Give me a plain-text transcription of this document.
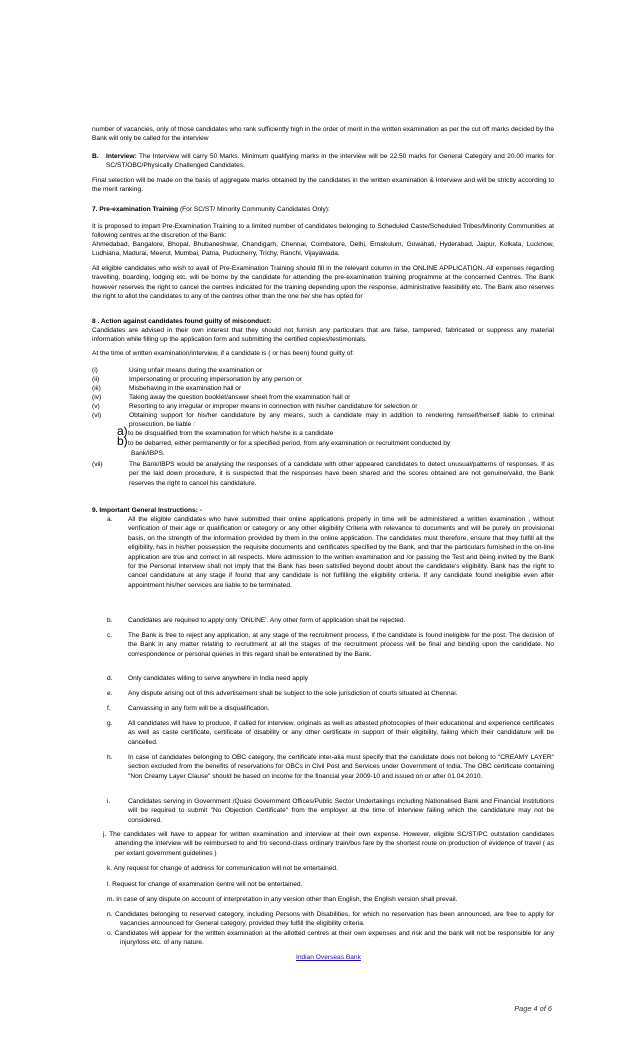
number of vacancies, only of those candidates who rank sufficiently high in the order of merit in the written examination as per the cut off marks decided by the Bank will only be called for the interview

B. Interview: The Interview will carry 50 Marks. Minimum qualifying marks in the interview will be 22.50 marks for General Category and 20.00 marks for SC/ST/OBC/Physically Challenged Candidates.

Final selection will be made on the basis of aggregate marks obtained by the candidates in the written examination & Interview and will be strictly according to the merit ranking.

7. Pre-examination Training (For SC/ST/ Minority Community Candidates Only):

It is proposed to impart Pre-Examination Training to a limited number of candidates belonging to Scheduled Caste/Scheduled Tribes/Minority Communities at following centres at the discretion of the Bank:

Ahmedabad, Bangalore, Bhopal, Bhubaneshwar, Chandigarh, Chennai, Coimbatore, Delhi, Ernakulum, Guwahati, Hyderabad, Jaipur, Kolkata, Lucknow, Ludhiana, Madurai, Meerut, Mumbai, Patna, Puducherry, Trichy, Ranchi, Vijayawada.

All eligible candidates who wish to avail of Pre-Examination Training should fill in the relevant column in the ONLINE APPLICATION. All expenses regarding travelling, boarding, lodging etc. will be borne by the candidate for attending the pre-examination training programme at the concerned Centres. The Bank however reserves the right to cancel the centres indicated for the training depending upon the response, administrative feasibility etc. The Bank also reserves the right to allot the candidates to any of the centres other than the one he/ she has opted for

8 . Action against candidates found guilty of misconduct:

Candidates are advised in their own interest that they should not furnish any particulars that are false, tampered, fabricated or suppress any material information while filling up the application form and submitting the certified copies/testimonials.

At the time of written examination/interview, if a candidate is ( or has been) found guilty of:

(i)	Using unfair means during the examination or
(ii)	Impersonating or procuring impersonation by any person or
(iii)	Misbehaving in the examination hall or
(iv)	Taking away the question booklet/answer sheet from the examination hall or
(v)	Resorting to any irregular or improper means in connection with his/her candidature for selection or
(vi)	Obtaining support for his/her candidature by any means, such a candidate may in addition to rendering himself/herself liable to criminal prosecution, be liable :
a) to be disqualified from the examination for which he/she is a candidate
b) to be debarred, either permanently or for a specified period, from any examination or recruitment conducted by
Bank/IBPS.
(vii)	The Bank/IBPS would be analysing the responses of a candidate with other appeared candidates to detect unusual/patterns of responses. If as per the laid down procedure, it is suspected that the responses have been shared and the scores obtained are not genuine/valid, the Bank reserves the right to cancel his candidature.
9. Important General Instructions: -
a. All the eligible candidates who have submitted their online applications properly in time will be administered a written examination , without verification of their age or qualification or category or any other eligibility Criteria with relevance to documents and will be purely on provisional basis, on the strength of the information provided by them in the online application. The candidates must therefore, ensure that they fulfill all the eligibility, has in his/her possession the requisite documents and certificates specified by the Bank, and that the particulars furnished in the on-line application are true and correct in all respects. Mere admission to the written examination and /or passing the Test and being invited by the Bank for the Personal Interview shall not imply that the Bank has been satisfied beyond doubt about the candidate's eligibility. Bank has the right to cancel candidature at any stage if found that any candidate is not fulfilling the eligibility criteria. If any candidate found ineligible even after appointment his/her services are liable to be terminated.
b. Candidates are required to apply only 'ONLINE'. Any other form of application shall be rejected.
c. The Bank is free to reject any application, at any stage of the recruitment process, if the candidate is found ineligible for the post. The decision of the Bank in any matter relating to recruitment at all the stages of the recruitment process will be final and binding upon the candidate. No correspondence or personal queries in this regard shall be enteratined by the Bank.
d. Only candidates willing to serve anywhere in India need apply
e. Any dispute arising out of this advertisement shall be subject to the sole jurisdiction of courts situated at Chennai.
f.	Canvassing in any form will be a disqualification.
g. All candidates will have to produce, if called for interview, originals as well as attested photocopies of their educational and experience certificates as well as caste certificate, certificate of disability or any other certificate in support of their eligibility, failing which their candidature will be cancelled.
h. In case of candidates belonging to OBC category, the certificate inter-alia must specify that the candidate does not belong to "CREAMY LAYER" section excluded from the benefits of reservations for OBCs in Civil Post and Services under Government of India. The OBC certificate containing "Non Creamy Layer Clause" should be based on income for the financial year 2009-10 and issued on or after 01.04.2010.
i.	Candidates serving in Government /Quasi Government Offices/Public Sector Undertakings including Nationalised Bank and Financial Institutions will be required to submit "No Objection Certificate" from the employer at the time of interview failing which the candidature may not be considered.
j. The candidates will have to appear for written examination and interview at their own expense. However, eligible SC/ST/PC outstation candidates attending the interview will be reimbursed to and fro second-class ordinary train/bus fare by the shortest route on production of evidence of travel ( as per extant government guidelines )
k. Any request for change of address for communication will not be entertained.
l. Request for change of examination centre will not be entertained.
m. In case of any dispute on account of interpretation in any version other than English, the English version shall prevail.
n. Candidates belonging to reserved category, including Persons with Disabilities, for which no reservation has been announced, are free to apply for vacancies announced for General category, provided they fulfill the eligibility criteria.
o. Candidates will appear for the written examination at the allotted centres at their own expenses and risk and the bank will not be responsible for any injury/loss etc. of any nature.
Indian Overseas Bank
Page 4 of 6
